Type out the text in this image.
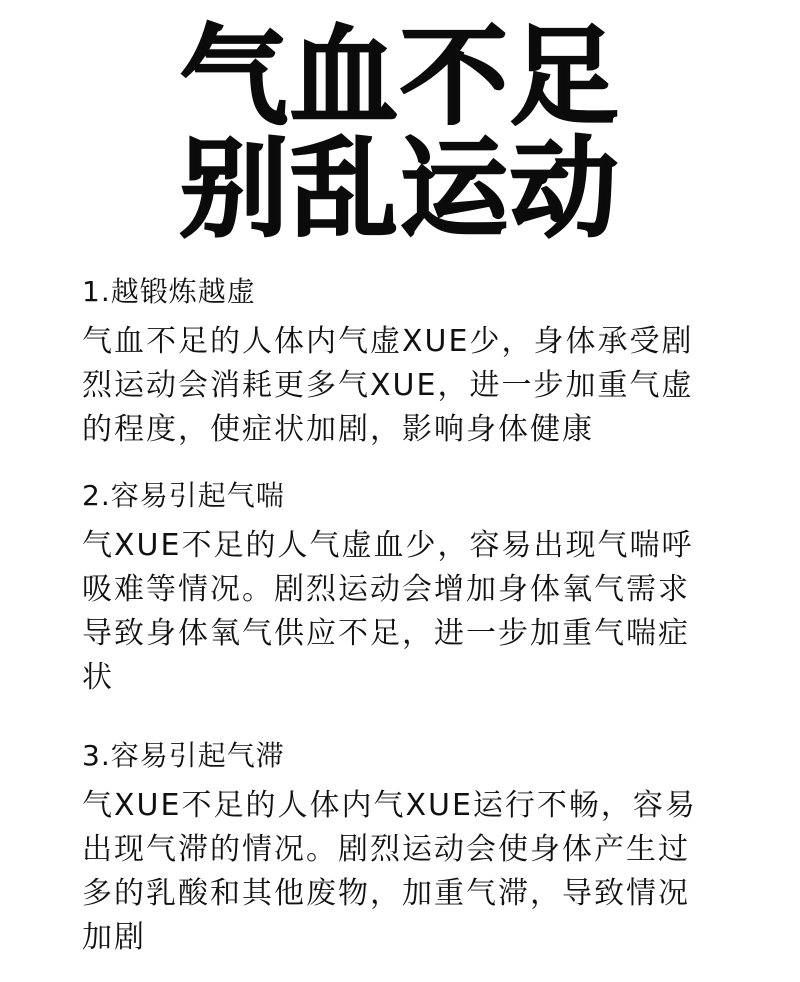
气血不足
别乱运动

1.越锻炼越虚

气血不足的人体内气虚XUE少，身体承受剧烈运动会消耗更多气XUE，进一步加重气虚的程度，使症状加剧，影响身体健康

2.容易引起气喘

气XUE不足的人气虚血少，容易出现气喘呼吸难等情况。剧烈运动会增加身体氧气需求导致身体氧气供应不足，进一步加重气喘症状

3.容易引起气滞

气XUE不足的人体内气XUE运行不畅，容易出现气滞的情况。剧烈运动会使身体产生过多的乳酸和其他废物，加重气滞，导致情况加剧
